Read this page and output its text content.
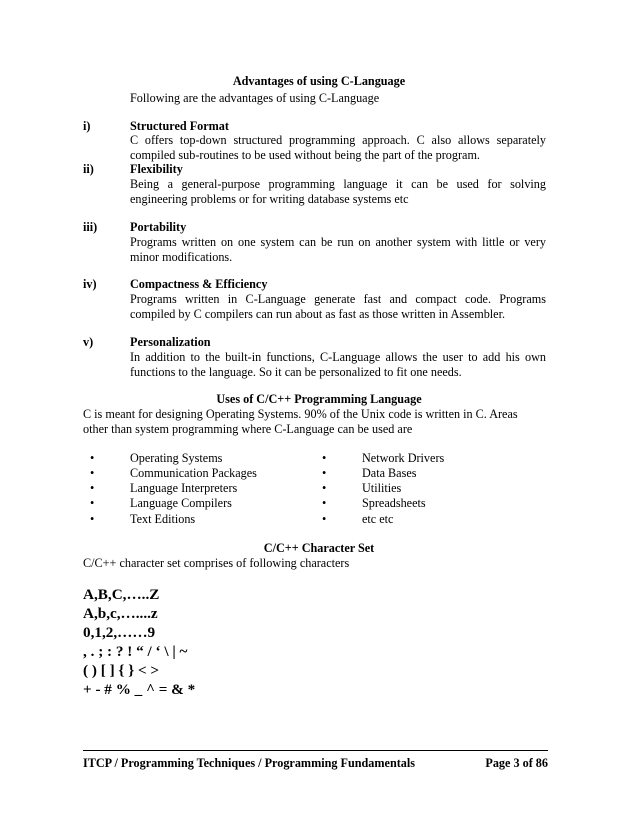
Advantages of using C-Language
Following are the advantages of using C-Language
i)	Structured Format
C offers top-down structured programming approach. C also allows separately compiled sub-routines to be used without being the part of the program.
ii)	Flexibility
Being a general-purpose programming language it can be used for solving engineering problems or for writing database systems etc
iii)	Portability
Programs written on one system can be run on another system with little or very minor modifications.
iv)	Compactness & Efficiency
Programs written in C-Language generate fast and compact code. Programs compiled by C compilers can run about as fast as those written in Assembler.
v)	Personalization
In addition to the built-in functions, C-Language allows the user to add his own functions to the language. So it can be personalized to fit one needs.
Uses of C/C++ Programming Language
C is meant for designing Operating Systems. 90% of the Unix code is written in C. Areas
other than system programming where C-Language can be used are
•	Operating Systems
•	Communication Packages
•	Language Interpreters
•	Language Compilers
•	Text Editions
•	Network Drivers
•	Data Bases
•	Utilities
•	Spreadsheets
•	etc etc
C/C++ Character Set
C/C++ character set comprises of following characters
A,B,C,…..Z
A,b,c,…....z
0,1,2,……9
, . ; : ? ! “ / ‘ \ | ~
( ) [ ] { } < >
+ - # % _ ^ = & *
ITCP / Programming Techniques / Programming Fundamentals	Page 3 of 86
